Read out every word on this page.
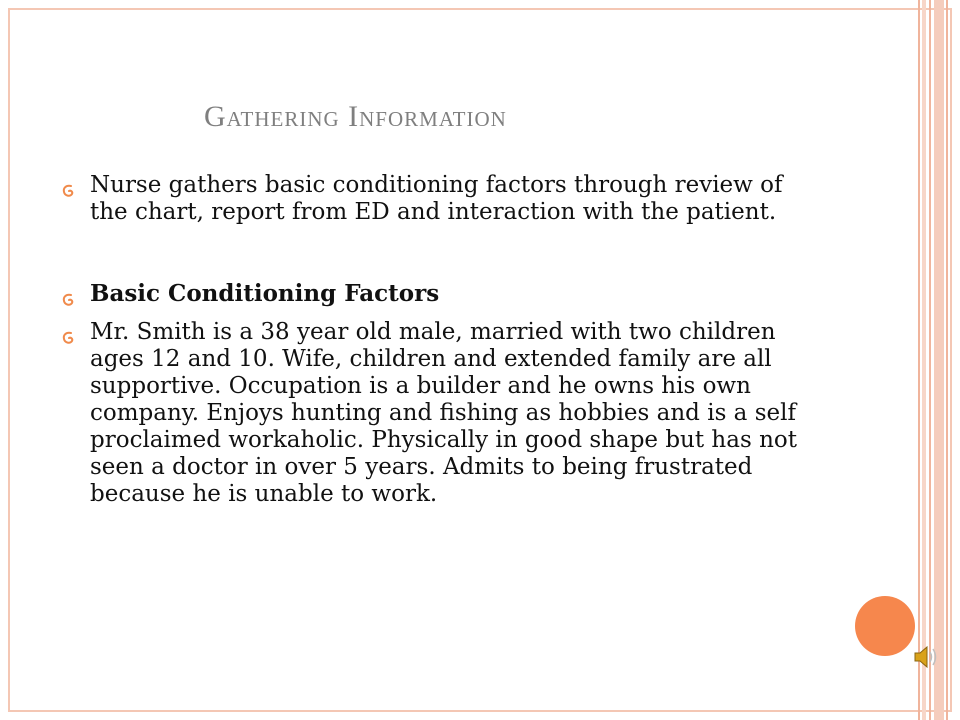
Gathering Information
Nurse gathers basic conditioning factors through review of the chart, report from ED and interaction with the patient.
Basic Conditioning Factors
Mr. Smith is a 38 year old male, married with two children ages 12 and 10. Wife, children and extended family are all supportive. Occupation is a builder and he owns his own company. Enjoys hunting and fishing as hobbies and is a self proclaimed workaholic. Physically in good shape but has not seen a doctor in over 5 years. Admits to being frustrated because he is unable to work.
